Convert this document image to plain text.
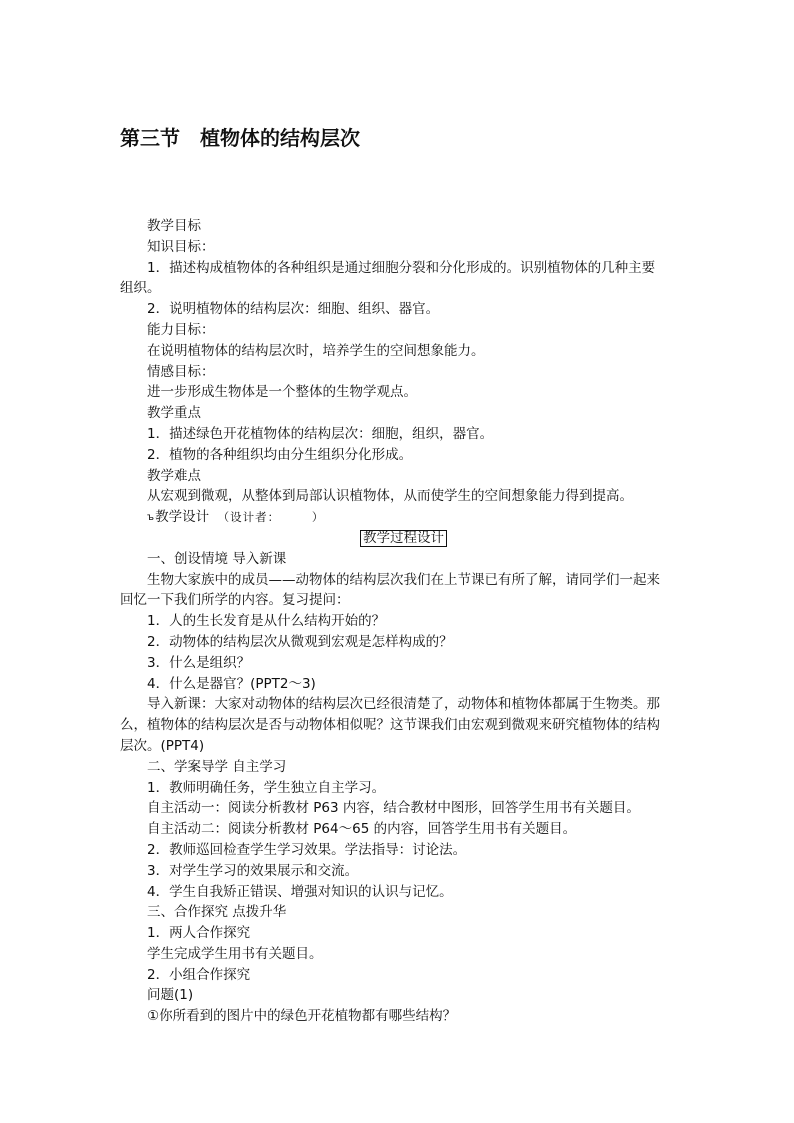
第三节　植物体的结构层次
教学目标
知识目标：
1．描述构成植物体的各种组织是通过细胞分裂和分化形成的。识别植物体的几种主要
组织。
2．说明植物体的结构层次：细胞、组织、器官。
能力目标：
在说明植物体的结构层次时，培养学生的空间想象能力。
情感目标：
进一步形成生物体是一个整体的生物学观点。
教学重点
1．描述绿色开花植物体的结构层次：细胞，组织，器官。
2．植物的各种组织均由分生组织分化形成。
教学难点
从宏观到微观，从整体到局部认识植物体，从而使学生的空间想象能力得到提高。
ъ教学设计 （设计者：　　　）
教学过程设计
一、创设情境 导入新课
生物大家族中的成员——动物体的结构层次我们在上节课已有所了解，请同学们一起来
回忆一下我们所学的内容。复习提问：
1．人的生长发育是从什么结构开始的？
2．动物体的结构层次从微观到宏观是怎样构成的？
3．什么是组织？
4．什么是器官？(PPT2～3)
导入新课：大家对动物体的结构层次已经很清楚了，动物体和植物体都属于生物类。那
么，植物体的结构层次是否与动物体相似呢？这节课我们由宏观到微观来研究植物体的结构
层次。(PPT4)
二、学案导学 自主学习
1．教师明确任务，学生独立自主学习。
自主活动一：阅读分析教材 P63 内容，结合教材中图形，回答学生用书有关题目。
自主活动二：阅读分析教材 P64～65 的内容，回答学生用书有关题目。
2．教师巡回检查学生学习效果。学法指导：讨论法。
3．对学生学习的效果展示和交流。
4．学生自我矫正错误、增强对知识的认识与记忆。
三、合作探究 点拨升华
1．两人合作探究
学生完成学生用书有关题目。
2．小组合作探究
问题(1)
①你所看到的图片中的绿色开花植物都有哪些结构？
